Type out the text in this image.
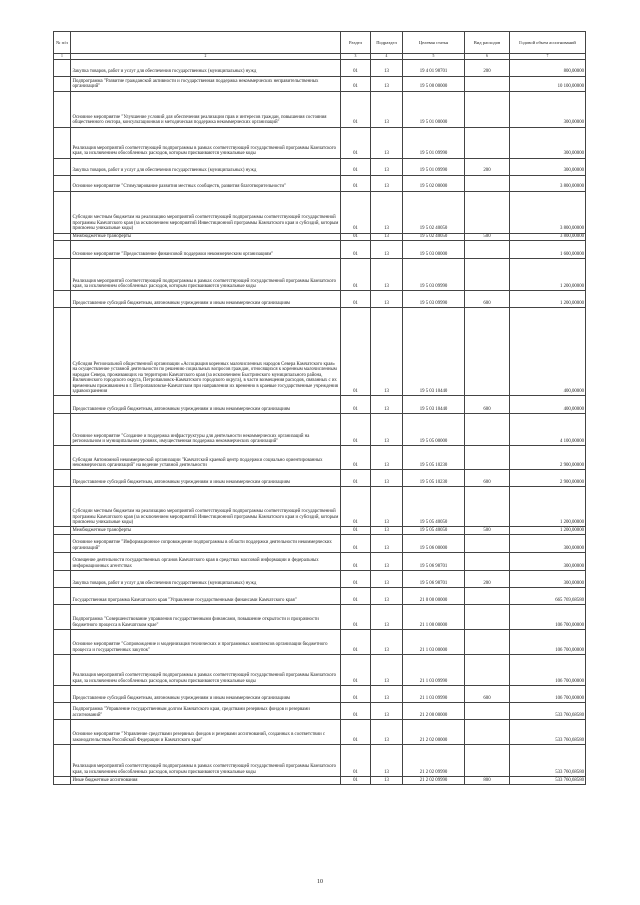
№ п/п		Раздел	Подраздел	Целевая статья	Вид расходов	Годовой объем ассигнований
1	2	3	4	5	6	7
	Закупка товаров, работ и услуг для обеспечения государственных (муниципальных) нужд	01	13	19 4 01 98701	200	800,00000
	Подпрограмма "Развитие гражданской активности и государственная поддержка некоммерческих неправительственных организаций"	01	13	19 5 00 00000		10 100,00000
	Основное мероприятие "Улучшение условий для обеспечения реализации прав и интересов граждан, повышения состояния общественного сектора, консультационная и методическая поддержка некоммерческих организаций"	01	13	19 5 01 00000		300,00000
	Реализация мероприятий соответствующей подпрограммы в рамках соответствующей государственной программы Камчатского края, за исключением обособленных расходов, которым присваиваются уникальные коды	01	13	19 5 01 09990		300,00000
	Закупка товаров, работ и услуг для обеспечения государственных (муниципальных) нужд	01	13	19 5 01 09990	200	300,00000
	Основное мероприятие "Стимулирование развития местных сообществ, развития благотворительности"	01	13	19 5 02 00000		3 800,00000
	Субсидии местным бюджетам на реализацию мероприятий соответствующей подпрограммы соответствующей государственной программы Камчатского края (за исключением мероприятий Инвестиционной программы Камчатского края и субсидий, которым присвоены уникальные коды)	01	13	19 5 02 40050		3 800,00000
	Межбюджетные трансферты	01	13	19 5 02 40050	500	3 800,00000
	Основное мероприятие "Предоставление финансовой поддержки некоммерческим организациям"	01	13	19 5 03 00000		1 600,00000
	Реализация мероприятий соответствующей подпрограммы в рамках соответствующей государственной программы Камчатского края, за исключением обособленных расходов, которым присваиваются уникальные коды	01	13	19 5 03 09990		1 200,00000
	Предоставление субсидий бюджетным, автономным учреждениям и иным некоммерческим организациям	01	13	19 5 03 09990	600	1 200,00000
	Субсидия Региональной общественной организации «Ассоциация коренных малочисленных народов Севера Камчатского края» на осуществление уставной деятельности по решению социальных вопросов граждан, относящихся к коренным малочисленным народам Севера, проживающих на территории Камчатского края (за исключением Быстринского муниципального района, Вилючинского городского округа, Петропавловск-Камчатского городского округа), в части возмещения расходов, связанных с их временным проживанием в г. Петропавловске-Камчатском при направлении их временно в краевые государственные учреждения здравоохранения	01	13	19 5 03 10440		400,00000
	Предоставление субсидий бюджетным, автономным учреждениям и иным некоммерческим организациям	01	13	19 5 03 10440	600	400,00000
	Основное мероприятие "Создание и поддержка инфраструктуры для деятельности некоммерческих организаций на региональном и муниципальном уровнях, имущественная поддержка некоммерческих организаций"	01	13	19 5 05 00000		4 100,00000
	Субсидия Автономной некоммерческой организации "Камчатский краевой центр поддержки социально ориентированных некоммерческих организаций" на ведение уставной деятельности	01	13	19 5 05 10230		2 900,00000
	Предоставление субсидий бюджетным, автономным учреждениям и иным некоммерческим организациям	01	13	19 5 05 10230	600	2 900,00000
	Субсидии местным бюджетам на реализацию мероприятий соответствующей подпрограммы соответствующей государственной программы Камчатского края (за исключением мероприятий Инвестиционной программы Камчатского края и субсидий, которым присвоены уникальные коды)	01	13	19 5 05 40050		1 200,00000
	Межбюджетные трансферты	01	13	19 5 05 40050	500	1 200,00000
	Основное мероприятие "Информационное сопровождение подпрограммы в области поддержки деятельности некоммерческих организаций"	01	13	19 5 06 00000		300,00000
	Освещение деятельности государственных органов Камчатского края в средствах массовой информации и федеральных информационных агентствах	01	13	19 5 06 98701		300,00000
	Закупка товаров, работ и услуг для обеспечения государственных (муниципальных) нужд	01	13	19 5 06 98701	200	300,00000
	Государственная программа Камчатского края "Управление государственными финансами Камчатского края"	01	13	21 0 00 00000		665 769,68580
	Подпрограмма "Совершенствование управления государственными финансами, повышение открытости и прозрачности бюджетного процесса в Камчатском крае"	01	13	21 1 00 00000		106 700,00000
	Основное мероприятие "Сопровождение и модернизация технических и программных комплексов организации бюджетного процесса и государственных закупок"	01	13	21 1 03 00000		106 700,00000
	Реализация мероприятий соответствующей подпрограммы в рамках соответствующей государственной программы Камчатского края, за исключением обособленных расходов, которым присваиваются уникальные коды	01	13	21 1 03 09990		106 700,00000
	Предоставление субсидий бюджетным, автономным учреждениям и иным некоммерческим организациям	01	13	21 1 03 09990	600	106 700,00000
	Подпрограмма "Управление государственным долгом Камчатского края, средствами резервных фондов и резервами ассигнований"	01	13	21 2 00 00000		533 760,68580
	Основное мероприятие "Управление средствами резервных фондов и резервами ассигнований, созданных в соответствии с законодательством Российской Федерации и Камчатского края"	01	13	21 2 02 00000		533 760,68580
	Реализация мероприятий соответствующей подпрограммы в рамках соответствующей государственной программы Камчатского края, за исключением обособленных расходов, которым присваиваются уникальные коды	01	13	21 2 02 09990		533 760,68580
	Иные бюджетные ассигнования	01	13	21 2 02 09990	800	533 760,68580
10
